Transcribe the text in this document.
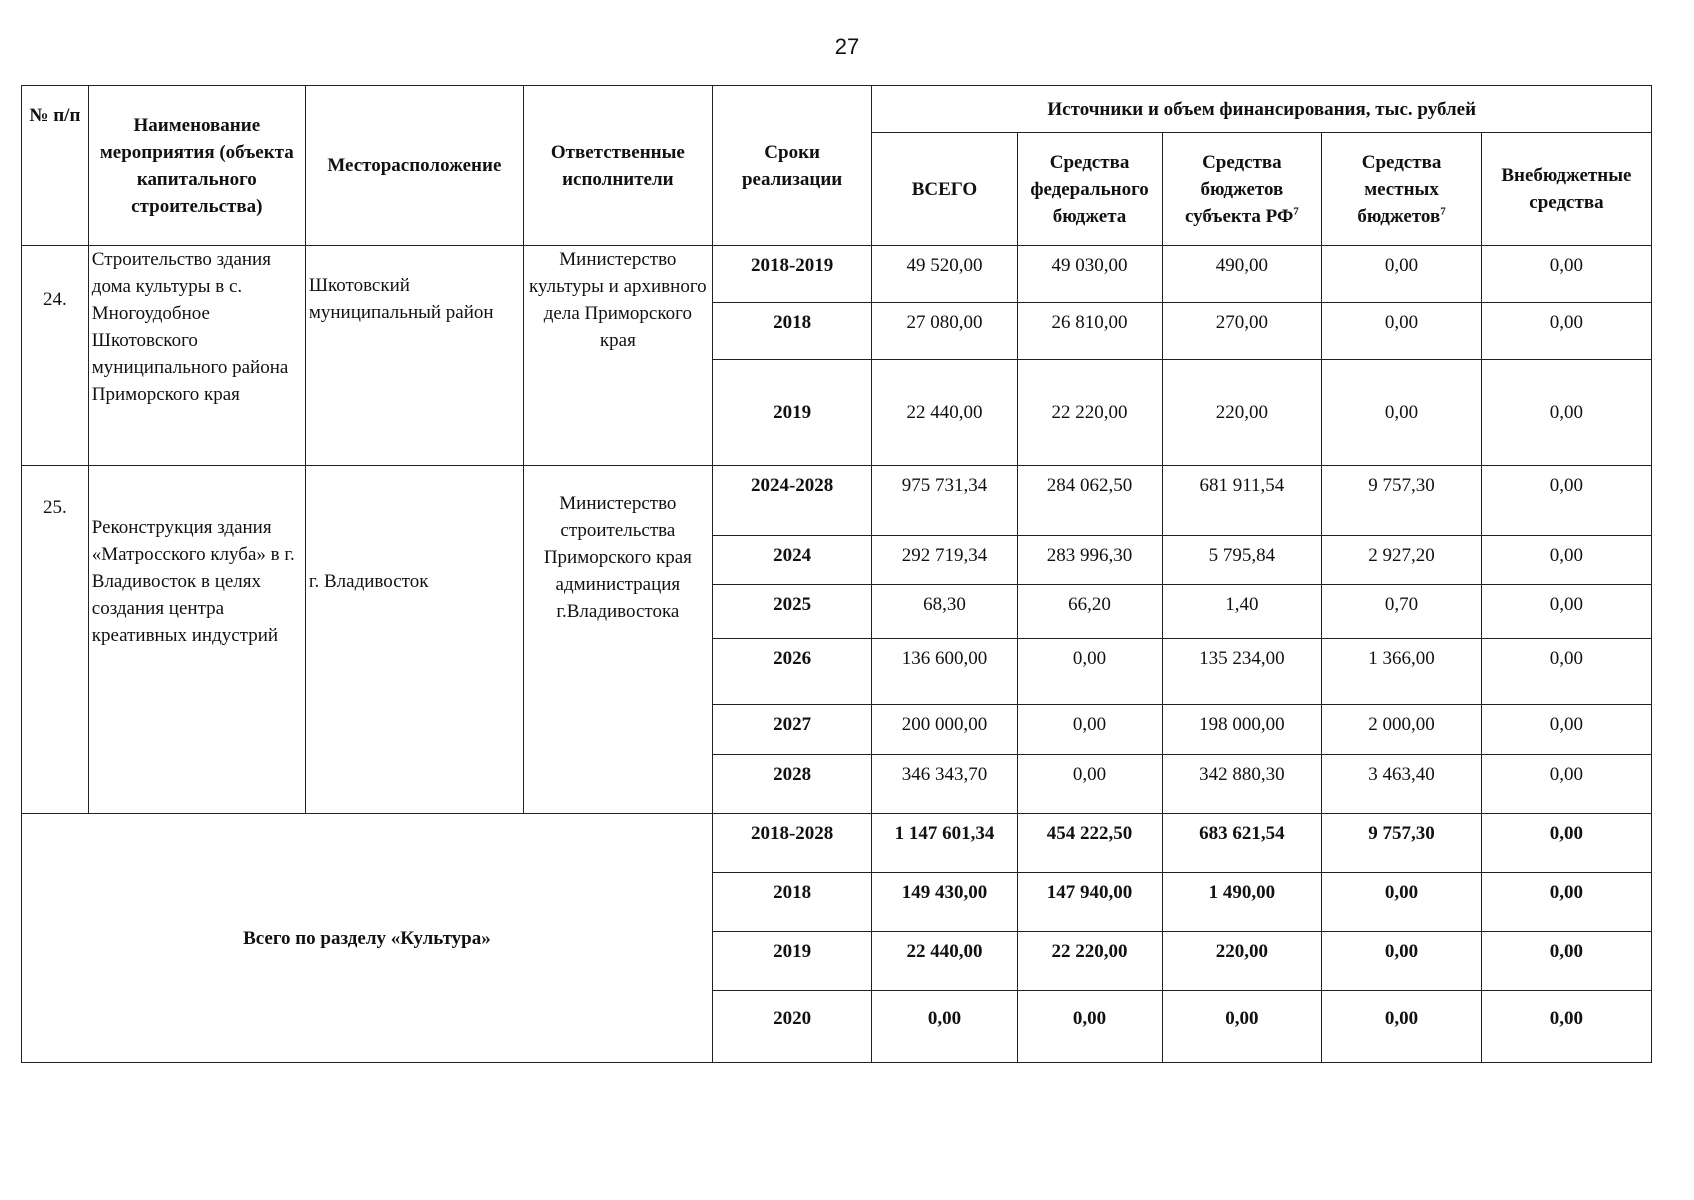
27
№ п/п	Наименование мероприятия (объекта капитального строительства)	Месторасположение	Ответственные исполнители	Сроки реализации	Источники и объем финансирования, тыс. рублей				
					ВСЕГО	Средства федерального бюджета	Средства бюджетов субъекта $РФ^7$	Средства местных бюджетов$^7$	Внебюджетные средства
24.	Строительство здания дома культуры в с. Многоудобное Шкотовского муниципального района Приморского края	Шкотовский муниципальный район	Министерство культуры и архивного дела Приморского края	2018-2019	49 520,00	49 030,00	490,00	0,00	0,00
				2018	27 080,00	26 810,00	270,00	0,00	0,00
				2019	22 440,00	22 220,00	220,00	0,00	0,00
25.	Реконструкция здания «Матросского клуба» в г. Владивосток в целях создания центра креативных индустрий	г. Владивосток	Министерство строительства Приморского края администрация г.Владивостока	2024-2028	975 731,34	284 062,50	681 911,54	9 757,30	0,00
				2024	292 719,34	283 996,30	5 795,84	2 927,20	0,00
				2025	68,30	66,20	1,40	0,70	0,00
				2026	136 600,00	0,00	135 234,00	1 366,00	0,00
				2027	200 000,00	0,00	198 000,00	2 000,00	0,00
				2028	346 343,70	0,00	342 880,30	3 463,40	0,00
Всего по разделу «Культура»				2018-2028	1 147 601,34	454 222,50	683 621,54	9 757,30	0,00
				2018	149 430,00	147 940,00	1 490,00	0,00	0,00
				2019	22 440,00	22 220,00	220,00	0,00	0,00
				2020	0,00	0,00	0,00	0,00	0,00
